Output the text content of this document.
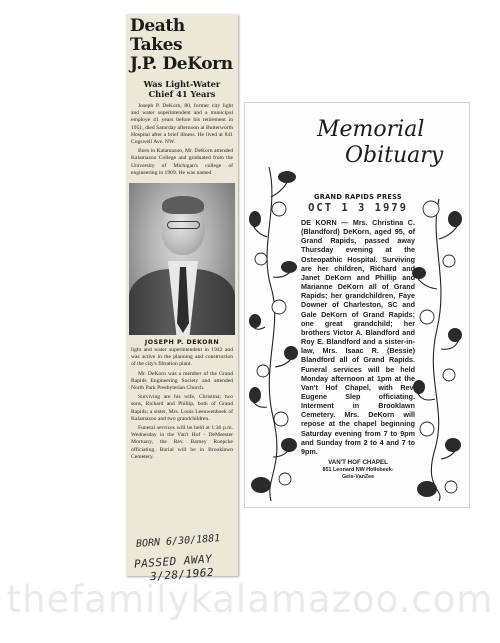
Death Takes
J.P. DeKorn
Was Light-Water
Chief 41 Years

Joseph P. DeKorn, 80, former city light and water superintendent and a municipal employe 41 years before his retirement in 1951, died Saturday afternoon at Butterworth Hospital after a brief illness. He lived at 841 Cogswell Ave. NW.

Born in Kalamazoo, Mr. DeKorn attended Kalamazoo College and graduated from the University of Michigan's college of engineering in 1909. He was named

JOSEPH P. DEKORN

light and water superintendent in 1942 and was active in the planning and construction of the city's filtration plant.

Mr. DeKorn was a member of the Grand Rapids Engineering Society and attended North Park Presbyterian Church.

Surviving are his wife, Christina; two sons, Richard and Phillip, both of Grand Rapids; a sister, Mrs. Louis Leeuwenhoek of Kalamazoo and two grandchildren.

Funeral services will be held at 1:30 p.m. Wednesday in the Van't Hof - DeMeester Mortuary, the Rev. Barney Roepcke officiating. Burial will be in Brooklawn Cemetery.

BORN 6/30/1881
PASSED AWAY
3/28/1962
Memorial
Obituary
GRAND RAPIDS PRESS
OCT 1 3 1979
DE KORN — Mrs. Christina C. (Blandford) DeKorn, aged 95, of Grand Rapids, passed away Thursday evening at the Osteopathic Hospital. Surviving are her children, Richard and Janet DeKorn and Phillip and Marianne DeKorn all of Grand Rapids; her grandchildren, Faye Downer of Charleston, SC and Gale DeKorn of Grand Rapids; one great grandchild; her brothers Victor A. Blandford and Roy E. Blandford and a sister-in-law, Mrs. Isaac R. (Bessie) Blandford all of Grand Rapids. Funeral services will be held Monday afternoon at 1pm at the Van't Hof Chapel, with Rev. Eugene Slep officiating. Interment in Brooklawn Cemetery. Mrs. DeKorn will repose at the chapel beginning Saturday evening from 7 to 9pm and Sunday from 2 to 4 and 7 to 9pm.
VAN'T HOF CHAPEL
851 Leonard NW Hollebeek-
Geis-VanZee
thefamilykalamazoo.com
